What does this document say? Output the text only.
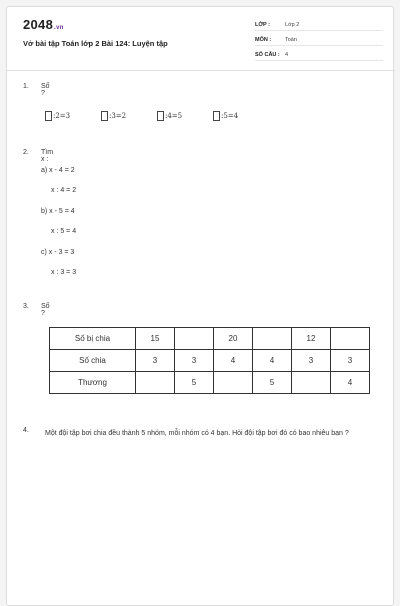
2048.vn
Vở bài tập Toán lớp 2 Bài 124: Luyện tập
LỚP :	Lớp 2
MÔN :	Toán
SỐ CÂU : 4
1. Số ?
:2=3	:3=2	:4=5	:5=4
2. Tìm x :
a) x - 4 = 2
x : 4 = 2
b) x - 5 = 4
x : 5 = 4
c) x - 3 = 3
x : 3 = 3
3. Số ?
Số bị chia	15		20		12	
Số chia	3	3	4	4	3	3
Thương		5		5		4
4. Một đội tập bơi chia đều thành 5 nhóm, mỗi nhóm có 4 bạn. Hỏi đội tập bơi đó có bao nhiêu bạn ?
